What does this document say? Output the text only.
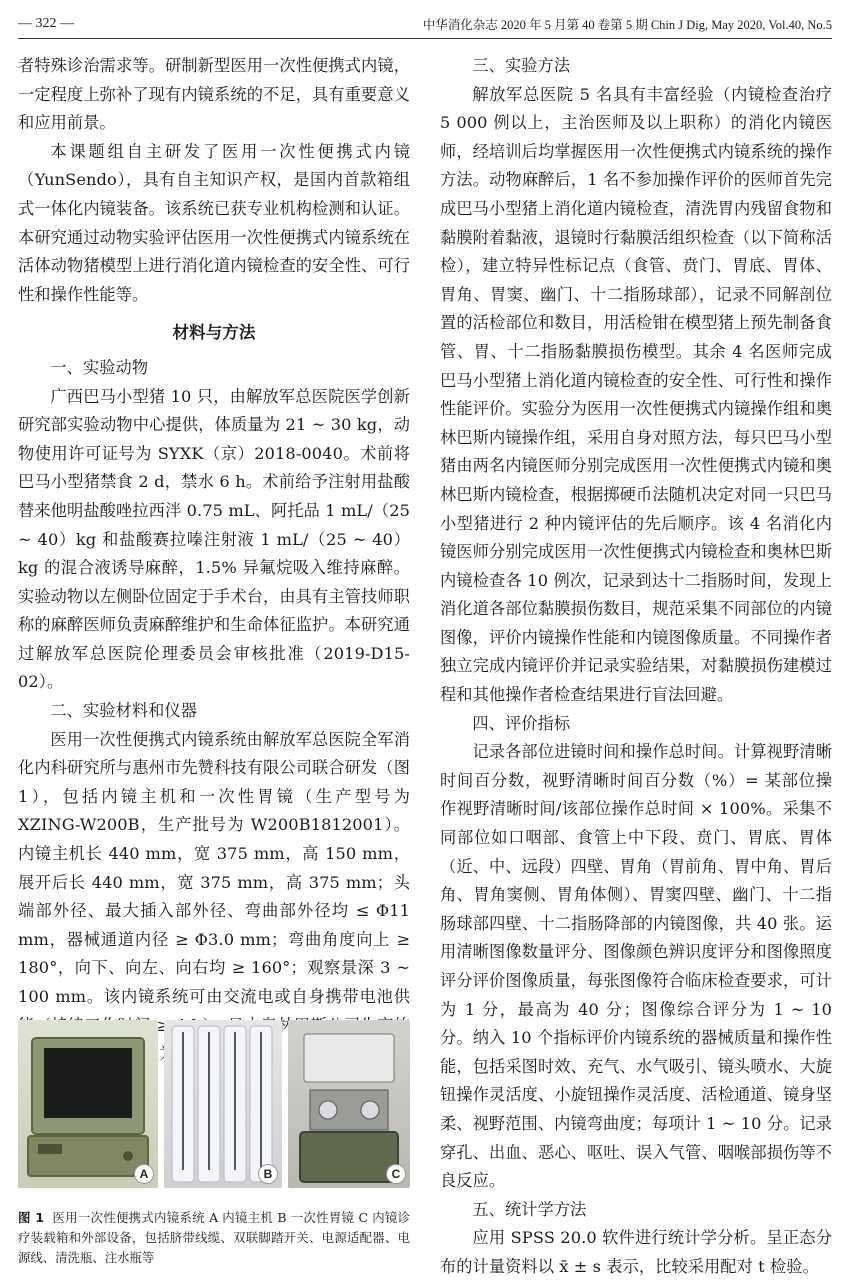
— 322 —	中华消化杂志 2020 年 5 月第 40 卷第 5 期 Chin J Dig, May 2020, Vol.40, No.5

者特殊诊治需求等。研制新型医用一次性便携式内镜，一定程度上弥补了现有内镜系统的不足，具有重要意义和应用前景。

本课题组自主研发了医用一次性便携式内镜（YunSendo），具有自主知识产权，是国内首款箱组式一体化内镜装备。该系统已获专业机构检测和认证。本研究通过动物实验评估医用一次性便携式内镜系统在活体动物猪模型上进行消化道内镜检查的安全性、可行性和操作性能等。

材料与方法

一、实验动物

广西巴马小型猪 10 只，由解放军总医院医学创新研究部实验动物中心提供，体质量为 21 ~ 30 kg，动物使用许可证号为 SYXK（京）2018-0040。术前将巴马小型猪禁食 2 d，禁水 6 h。术前给予注射用盐酸替来他明盐酸唑拉西泮 0.75 mL、阿托品 1 mL/（25 ~ 40）kg 和盐酸赛拉嗪注射液 1 mL/（25 ~ 40）kg 的混合液诱导麻醉，1.5% 异氟烷吸入维持麻醉。实验动物以左侧卧位固定于手术台，由具有主管技师职称的麻醉医师负责麻醉维护和生命体征监护。本研究通过解放军总医院伦理委员会审核批准（2019-D15-02）。

二、实验材料和仪器

医用一次性便携式内镜系统由解放军总医院全军消化内科研究所与惠州市先赞科技有限公司联合研发（图 1），包括内镜主机和一次性胃镜（生产型号为 XZING-W200B，生产批号为 W200B1812001）。内镜主机长 440 mm，宽 375 mm，高 150 mm，展开后长 440 mm，宽 375 mm，高 375 mm；头端部外径、最大插入部外径、弯曲部外径均 ≤ Φ11 mm，器械通道内径 ≥ Φ3.0 mm；弯曲角度向上 ≥ 180°，向下、向左、向右均 ≥ 160°；观察景深 3 ~ 100 mm。该内镜系统可由交流电或自身携带电池供

A	B	C
图 1 医用一次性便携式内镜系统 A 内镜主机 B 一次性胃镜 C 内镜诊疗装载箱和外部设备，包括脐带线缆、双联脚踏开关、电源适配器、电源线、清洗瓶、注水瓶等

三、实验方法

解放军总医院 5 名具有丰富经验（内镜检查治疗 5 000 例以上，主治医师及以上职称）的消化内镜医师，经培训后均掌握医用一次性便携式内镜系统的操作方法。动物麻醉后，1 名不参加操作评价的医师首先完成巴马小型猪上消化道内镜检查，清洗胃内残留食物和黏膜附着黏液，退镜时行黏膜活组织检查（以下简称活检），建立特异性标记点（食管、贲门、胃底、胃体、胃角、胃窦、幽门、十二指肠球部），记录不同解剖位置的活检部位和数目，用活检钳在模型猪上预先制备食管、胃、十二指肠黏膜损伤模型。其余 4 名医师完成巴马小型猪上消化道内镜检查的安全性、可行性和操作性能评价。实验分为医用一次性便携式内镜操作组和奥林巴斯内镜操作组，采用自身对照方法，每只巴马小型猪由两名内镜医师分别完成医用一次性便携式内镜和奥林巴斯内镜检查，根据掷硬币法随机决定对同一只巴马小型猪进行 2 种内镜评估的先后顺序。该 4 名消化内镜医师分别完成医用一次性便携式内镜检查和奥林巴斯内镜检查各 10 例次，记录到达十二指肠时间，发现上消化道各部位黏膜损伤数目，规范采集不同部位的内镜图像，评价内镜操作性能和内镜图像质量。不同操作者独立完成内镜评价并记录实验结果，对黏膜损伤建模过程和其他操作者检查结果进行盲法回避。

四、评价指标

记录各部位进镜时间和操作总时间。计算视野清晰时间百分数，视野清晰时间百分数（%）= 某部位操作视野清晰时间/该部位操作总时间 × 100%。采集不同部位如口咽部、食管上中下段、贲门、胃底、胃体（近、中、远段）四壁、胃角（胃前角、胃中角、胃后角、胃角窦侧、胃角体侧）、胃窦四壁、幽门、十二指肠球部四壁、十二指肠降部的内镜图像，共 40 张。运用清晰图像数量评分、图像颜色辨识度评分和图像照度评分评价图像质量，每张图像符合临床检查要求，可计为 1 分，最高为 40 分；图像综合评分为 1 ~ 10 分。纳入 10 个指标评价内镜系统的器械质量和操作性能，包括采图时效、充气、水气吸引、镜头喷水、大旋钮操作灵活度、小旋钮操作灵活度、活检通道、镜身坚柔、视野范围、内镜弯曲度；每项计 1 ~ 10 分。记录穿孔、出血、恶心、呕吐、误入气管、咽喉部损伤等不良反应。

五、统计学方法

应用 SPSS 20.0 软件进行统计学分析。呈正态分布的计量资料以 x̄ ± s 表示，比较采用配对 t 检验。
